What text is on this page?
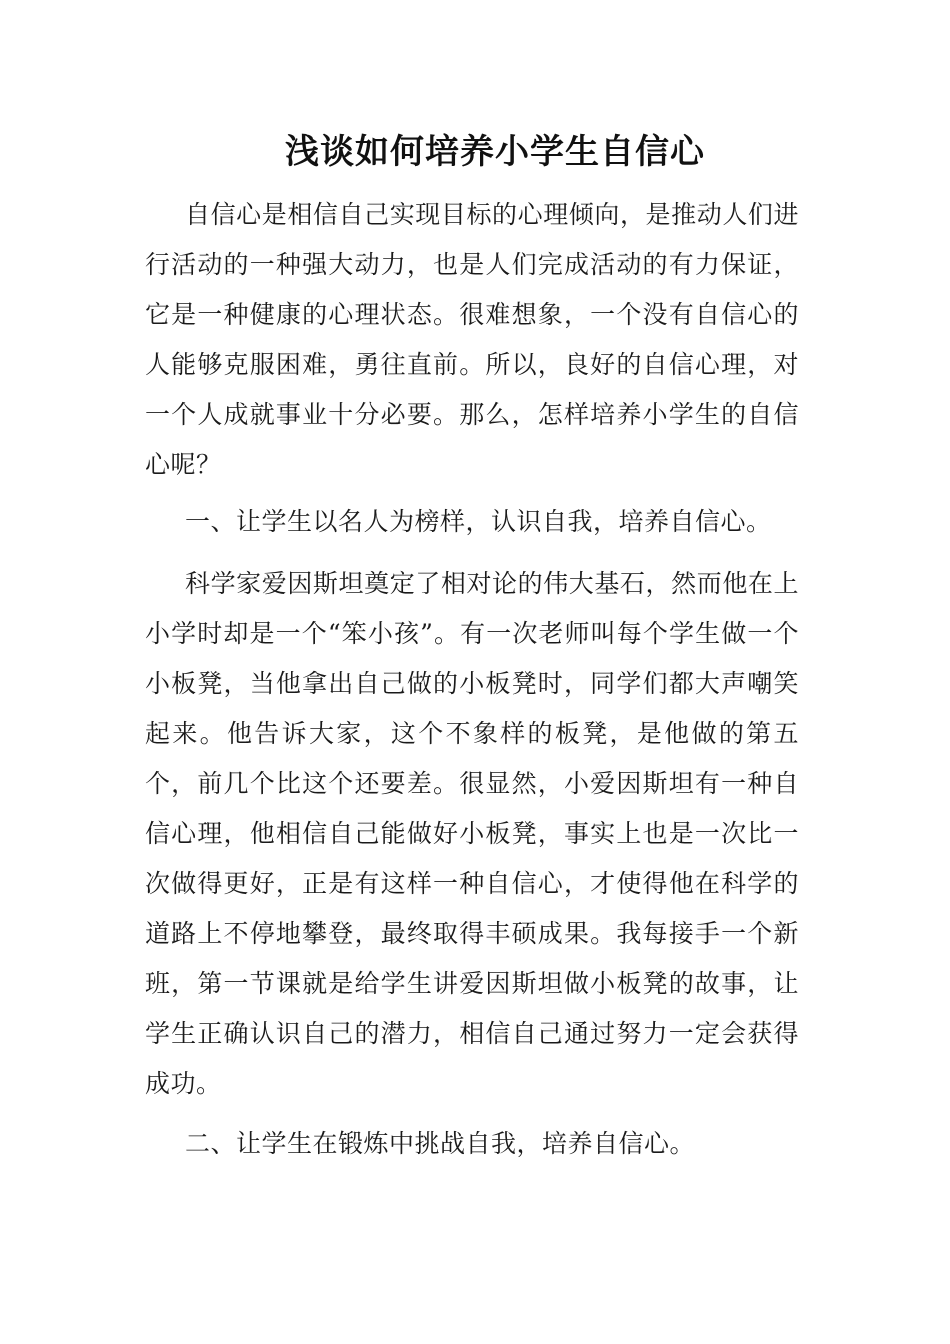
浅谈如何培养小学生自信心

自信心是相信自己实现目标的心理倾向，是推动人们进行活动的一种强大动力，也是人们完成活动的有力保证，它是一种健康的心理状态。很难想象，一个没有自信心的人能够克服困难，勇往直前。所以，良好的自信心理，对一个人成就事业十分必要。那么，怎样培养小学生的自信心呢？

一、让学生以名人为榜样，认识自我，培养自信心。

科学家爱因斯坦奠定了相对论的伟大基石，然而他在上小学时却是一个“笨小孩”。有一次老师叫每个学生做一个小板凳，当他拿出自己做的小板凳时，同学们都大声嘲笑起来。他告诉大家，这个不象样的板凳，是他做的第五个，前几个比这个还要差。很显然，小爱因斯坦有一种自信心理，他相信自己能做好小板凳，事实上也是一次比一次做得更好，正是有这样一种自信心，才使得他在科学的道路上不停地攀登，最终取得丰硕成果。我每接手一个新班，第一节课就是给学生讲爱因斯坦做小板凳的故事，让学生正确认识自己的潜力，相信自己通过努力一定会获得成功。

二、让学生在锻炼中挑战自我，培养自信心。
